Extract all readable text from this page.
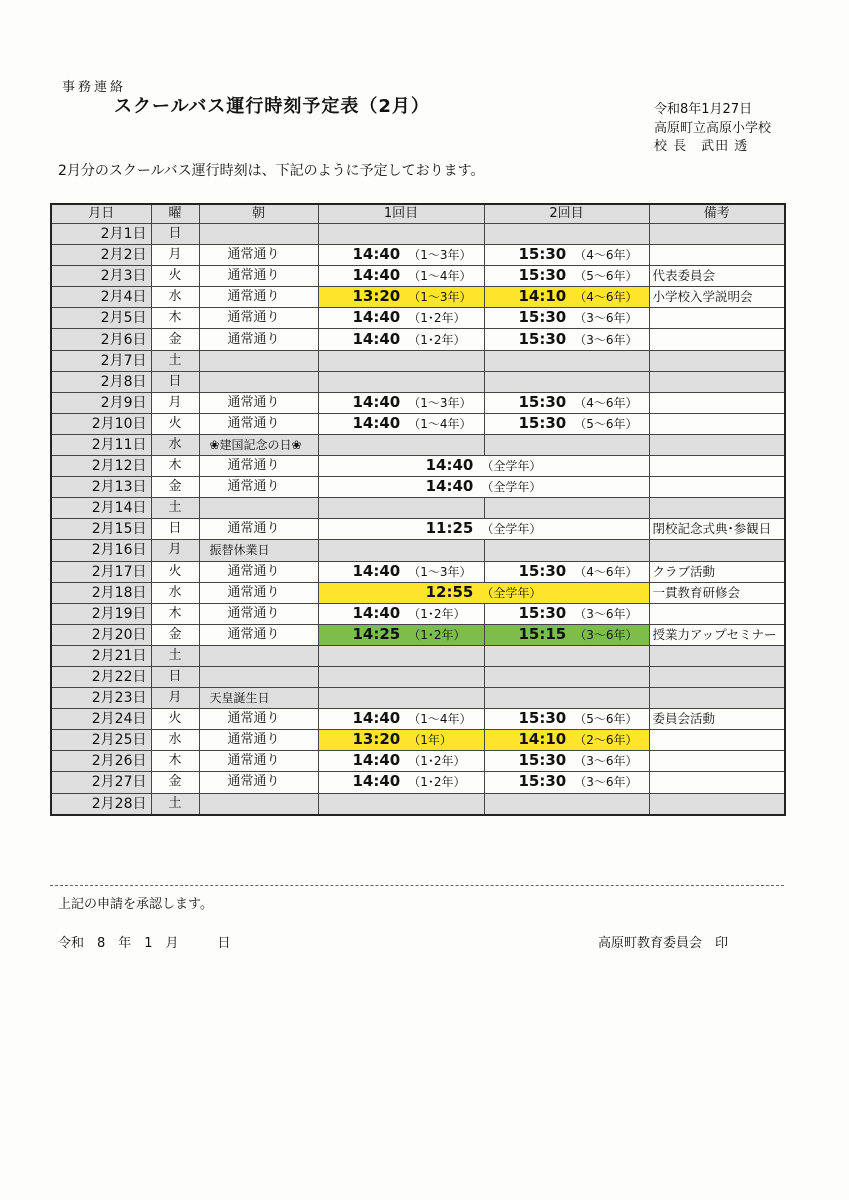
事務連絡
スクールバス運行時刻予定表（2月）	令和8年1月27日
高原町立高原小学校
校 長　武田 透
2月分のスクールバス運行時刻は、下記のように予定しております。
月日	曜	朝	1回目	2回目	備考
2月1日	日				
2月2日	月	通常通り	14:40 （1～3年）	15:30 （4～6年）	
2月3日	火	通常通り	14:40 （1～4年）	15:30 （5～6年）	代表委員会
2月4日	水	通常通り	13:20 （1～3年）	14:10 （4～6年）	小学校入学説明会
2月5日	木	通常通り	14:40 （1･2年）	15:30 （3～6年）	
2月6日	金	通常通り	14:40 （1･2年）	15:30 （3～6年）	
2月7日	土				
2月8日	日				
2月9日	月	通常通り	14:40 （1～3年）	15:30 （4～6年）	
2月10日	火	通常通り	14:40 （1～4年）	15:30 （5～6年）	
2月11日	水	❀建国記念の日❀			
2月12日	木	通常通り	14:40 （全学年）		
2月13日	金	通常通り	14:40 （全学年）		
2月14日	土				
2月15日	日	通常通り	11:25 （全学年）		閉校記念式典･参観日
2月16日	月	振替休業日			
2月17日	火	通常通り	14:40 （1～3年）	15:30 （4～6年）	クラブ活動
2月18日	水	通常通り	12:55 （全学年）		一貫教育研修会
2月19日	木	通常通り	14:40 （1･2年）	15:30 （3～6年）	
2月20日	金	通常通り	14:25 （1･2年）	15:15 （3～6年）	授業力アップセミナー
2月21日	土				
2月22日	日				
2月23日	月	天皇誕生日			
2月24日	火	通常通り	14:40 （1～4年）	15:30 （5～6年）	委員会活動
2月25日	水	通常通り	13:20 （1年）	14:10 （2～6年）	
2月26日	木	通常通り	14:40 （1･2年）	15:30 （3～6年）	
2月27日	金	通常通り	14:40 （1･2年）	15:30 （3～6年）	
2月28日	土				
上記の申請を承認します。
令和　8　年　1　月　　　日	高原町教育委員会　印
